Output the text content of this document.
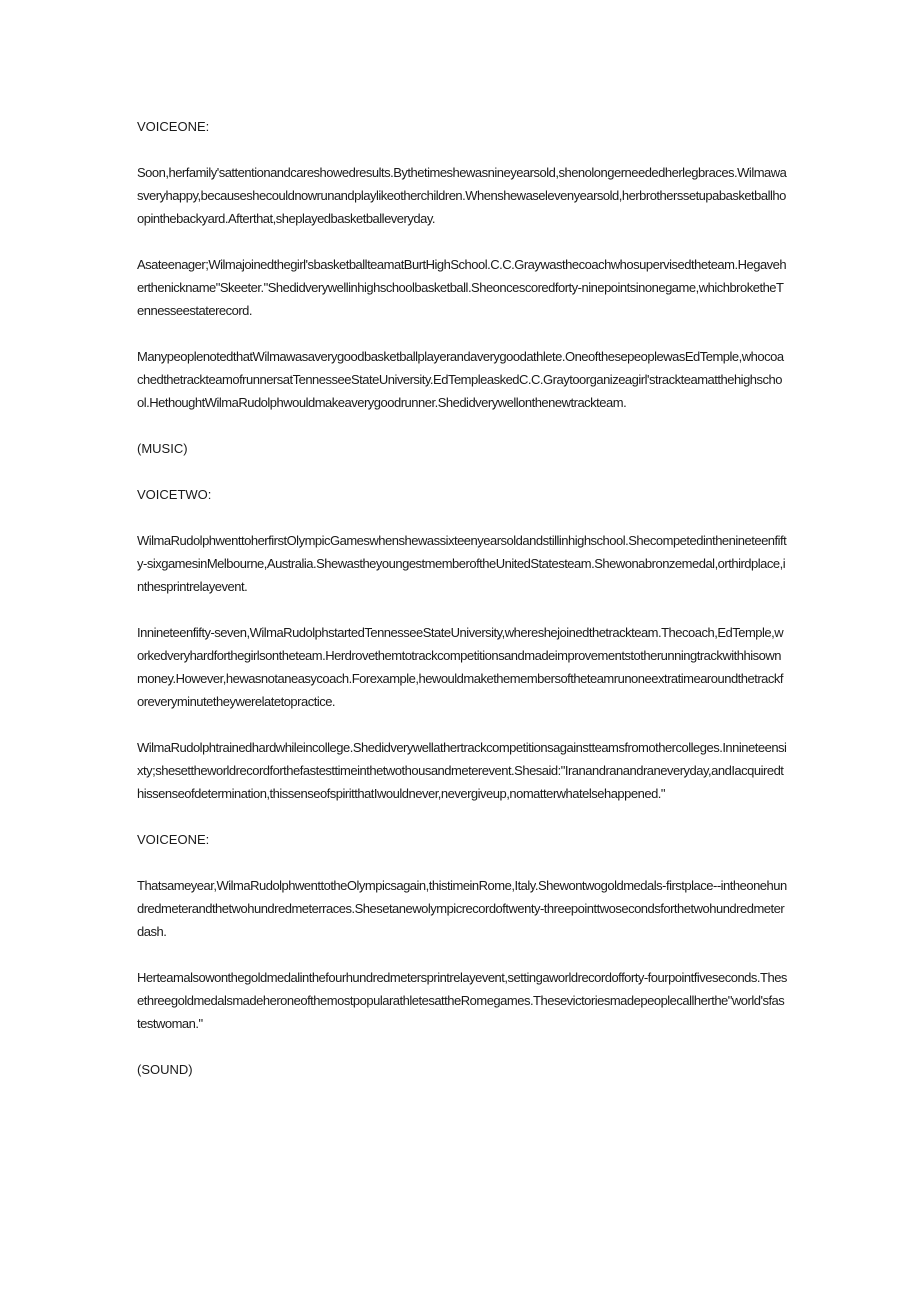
VOICEONE:

Soon,herfamily'sattentionandcareshowedresults.Bythetimeshewasnineyearsold,shenolongerneededherlegbraces.Wilmawasveryhappy,becauseshecouldnowrunandplaylikeotherchildren.Whenshewaselevenyearsold,herbrotherssetupabasketballhoopinthebackyard.Afterthat,sheplayedbasketballeveryday.

Asateenager;Wilmajoinedthegirl'sbasketballteamatBurtHighSchool.C.C.Graywasthecoachwhosupervisedtheteam.Hegaveherthenickname"Skeeter."Shedidverywellinhighschoolbasketball.Sheoncescoredforty-ninepointsinonegame,whichbroketheTennesseestaterecord.

ManypeoplenotedthatWilmawasaverygoodbasketballplayerandaverygoodathlete.OneofthesepeoplewasEdTemple,whocoachedthetrackteamofrunnersatTennesseeStateUniversity.EdTempleaskedC.C.Graytoorganizeagirl'strackteamatthehighschool.HethoughtWilmaRudolphwouldmakeaverygoodrunner.Shedidverywellonthenewtrackteam.

(MUSIC)

VOICETWO:

WilmaRudolphwenttoherfirstOlympicGameswhenshewassixteenyearsoldandstillinhighschool.Shecompetedinthenineteenfifty-sixgamesinMelbourne,Australia.ShewastheyoungestmemberoftheUnitedStatesteam.Shewonabronzemedal,orthirdplace,inthesprintrelayevent.

Innineteenfifty-seven,WilmaRudolphstartedTennesseeStateUniversity,whereshejoinedthetrackteam.Thecoach,EdTemple,workedveryhardforthegirlsontheteam.Herdrovethemtotrackcompetitionsandmadeimprovementstotherunningtrackwithhisownmoney.However,hewasnotaneasycoach.Forexample,hewouldmakethemembersoftheteamrunoneextratimearoundthetrackforeveryminutetheywerelatetopractice.

WilmaRudolphtrainedhardwhileincollege.Shedidverywellathertrackcompetitionsagainstteamsfromothercolleges.Innineteensixty;shesettheworldrecordforthefastesttimeinthetwothousandmeterevent.Shesaid:"Iranandranandraneveryday,andIacquiredthissenseofdetermination,thissenseofspiritthatIwouldnever,nevergiveup,nomatterwhatelsehappened."

VOICEONE:

Thatsameyear,WilmaRudolphwenttotheOlympicsagain,thistimeinRome,Italy.Shewontwogoldmedals-firstplace--intheonehundredmeterandthetwohundredmeterraces.Shesetanewolympicrecordoftwenty-threepointtwosecondsforthetwohundredmeterdash.

Herteamalsowonthegoldmedalinthefourhundredmetersprintrelayevent,settingaworldrecordofforty-fourpointfiveseconds.ThesethreegoldmedalsmadeheroneofthemostpopularathletesattheRomegames.Thesevictoriesmadepeoplecallherthe"world'sfastestwoman."

(SOUND)
